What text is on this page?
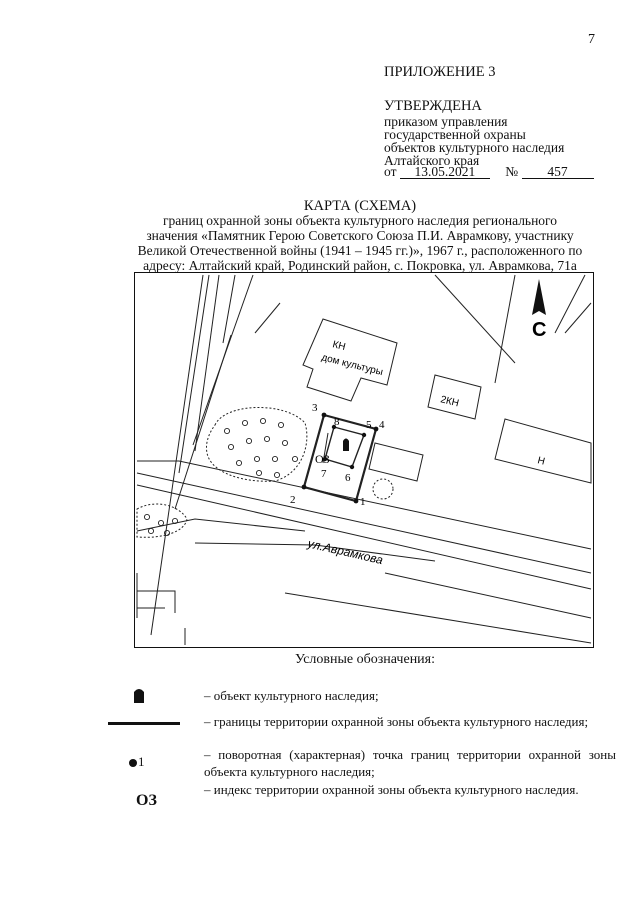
7
ПРИЛОЖЕНИЕ 3
УТВЕРЖДЕНА
приказом управления
государственной охраны
объектов культурного наследия
Алтайского края
от 13.05.2021 № 457
КАРТА (СХЕМА)
границ охранной зоны объекта культурного наследия регионального
значения «Памятник Герою Советского Союза П.И. Аврамкову, участнику
Великой Отечественной войны (1941 – 1945 гг.)», 1967 г., расположенного по
адресу: Алтайский край, Родинский район, с. Покровка, ул. Аврамкова, 71а
С
КН
дом культуры
2КН
Н
ул.Аврамкова
ОЗ
1
2
3
4
5
6
7
8
Условные обозначения:
– объект культурного наследия;
– границы территории охранной зоны объекта культурного наследия;
1	– поворотная (характерная) точка границ территории охранной зоны объекта культурного наследия;
ОЗ
– индекс территории охранной зоны объекта культурного наследия.
